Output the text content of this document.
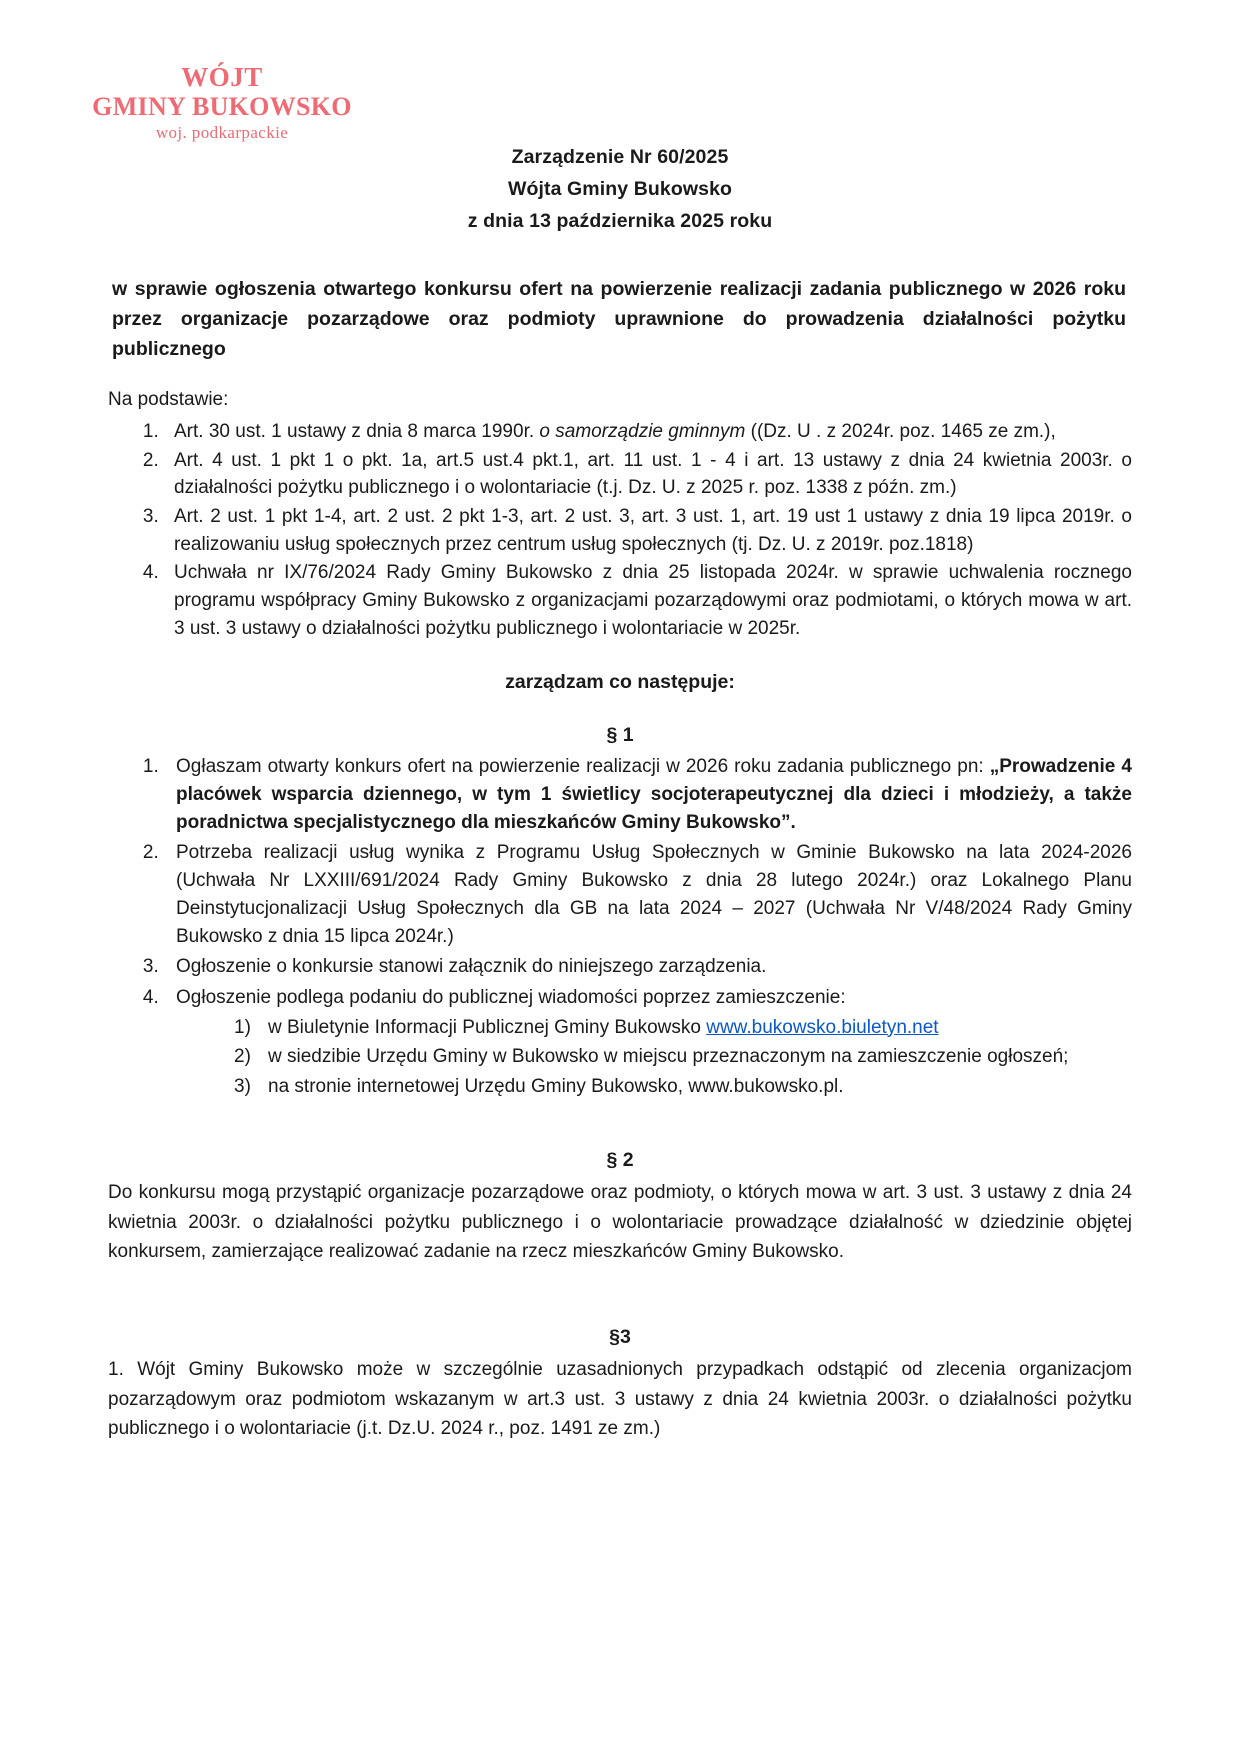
WÓJT
GMINY BUKOWSKO
woj. podkarpackie
Zarządzenie Nr 60/2025
Wójta Gminy Bukowsko
z dnia 13 października 2025 roku
w sprawie ogłoszenia otwartego konkursu ofert na powierzenie realizacji zadania publicznego w 2026 roku przez organizacje pozarządowe oraz podmioty uprawnione do prowadzenia działalności pożytku publicznego
Na podstawie:
1. Art. 30 ust. 1 ustawy z dnia 8 marca 1990r. o samorządzie gminnym ((Dz. U . z 2024r. poz. 1465 ze zm.),
2. Art. 4 ust. 1 pkt 1 o pkt. 1a, art.5 ust.4 pkt.1, art. 11 ust. 1 - 4 i art. 13 ustawy z dnia 24 kwietnia 2003r. o działalności pożytku publicznego i o wolontariacie (t.j. Dz. U. z 2025 r. poz. 1338 z późn. zm.)
3. Art. 2 ust. 1 pkt 1-4, art. 2 ust. 2 pkt 1-3, art. 2 ust. 3, art. 3 ust. 1, art. 19 ust 1 ustawy z dnia 19 lipca 2019r. o realizowaniu usług społecznych przez centrum usług społecznych (tj. Dz. U. z 2019r. poz.1818)
4. Uchwała nr IX/76/2024 Rady Gminy Bukowsko z dnia 25 listopada 2024r. w sprawie uchwalenia rocznego programu współpracy Gminy Bukowsko z organizacjami pozarządowymi oraz podmiotami, o których mowa w art. 3 ust. 3 ustawy o działalności pożytku publicznego i wolontariacie w 2025r.
zarządzam co następuje:
§ 1
1. Ogłaszam otwarty konkurs ofert na powierzenie realizacji w 2026 roku zadania publicznego pn: „Prowadzenie 4 placówek wsparcia dziennego, w tym 1 świetlicy socjoterapeutycznej dla dzieci i młodzieży, a także poradnictwa specjalistycznego dla mieszkańców Gminy Bukowsko”.
2. Potrzeba realizacji usług wynika z Programu Usług Społecznych w Gminie Bukowsko na lata 2024-2026 (Uchwała Nr LXXIII/691/2024 Rady Gminy Bukowsko z dnia 28 lutego 2024r.) oraz Lokalnego Planu Deinstytucjonalizacji Usług Społecznych dla GB na lata 2024 – 2027 (Uchwała Nr V/48/2024 Rady Gminy Bukowsko z dnia 15 lipca 2024r.)
3. Ogłoszenie o konkursie stanowi załącznik do niniejszego zarządzenia.
4. Ogłoszenie podlega podaniu do publicznej wiadomości poprzez zamieszczenie:
1) w Biuletynie Informacji Publicznej Gminy Bukowsko www.bukowsko.biuletyn.net
2) w siedzibie Urzędu Gminy w Bukowsko w miejscu przeznaczonym na zamieszczenie ogłoszeń;
3) na stronie internetowej Urzędu Gminy Bukowsko, www.bukowsko.pl.
§ 2
Do konkursu mogą przystąpić organizacje pozarządowe oraz podmioty, o których mowa w art. 3 ust. 3 ustawy z dnia 24 kwietnia 2003r. o działalności pożytku publicznego i o wolontariacie prowadzące działalność w dziedzinie objętej konkursem, zamierzające realizować zadanie na rzecz mieszkańców Gminy Bukowsko.
§3
1. Wójt Gminy Bukowsko może w szczególnie uzasadnionych przypadkach odstąpić od zlecenia organizacjom pozarządowym oraz podmiotom wskazanym w art.3 ust. 3 ustawy z dnia 24 kwietnia 2003r. o działalności pożytku publicznego i o wolontariacie (j.t. Dz.U. 2024 r., poz. 1491 ze zm.)
